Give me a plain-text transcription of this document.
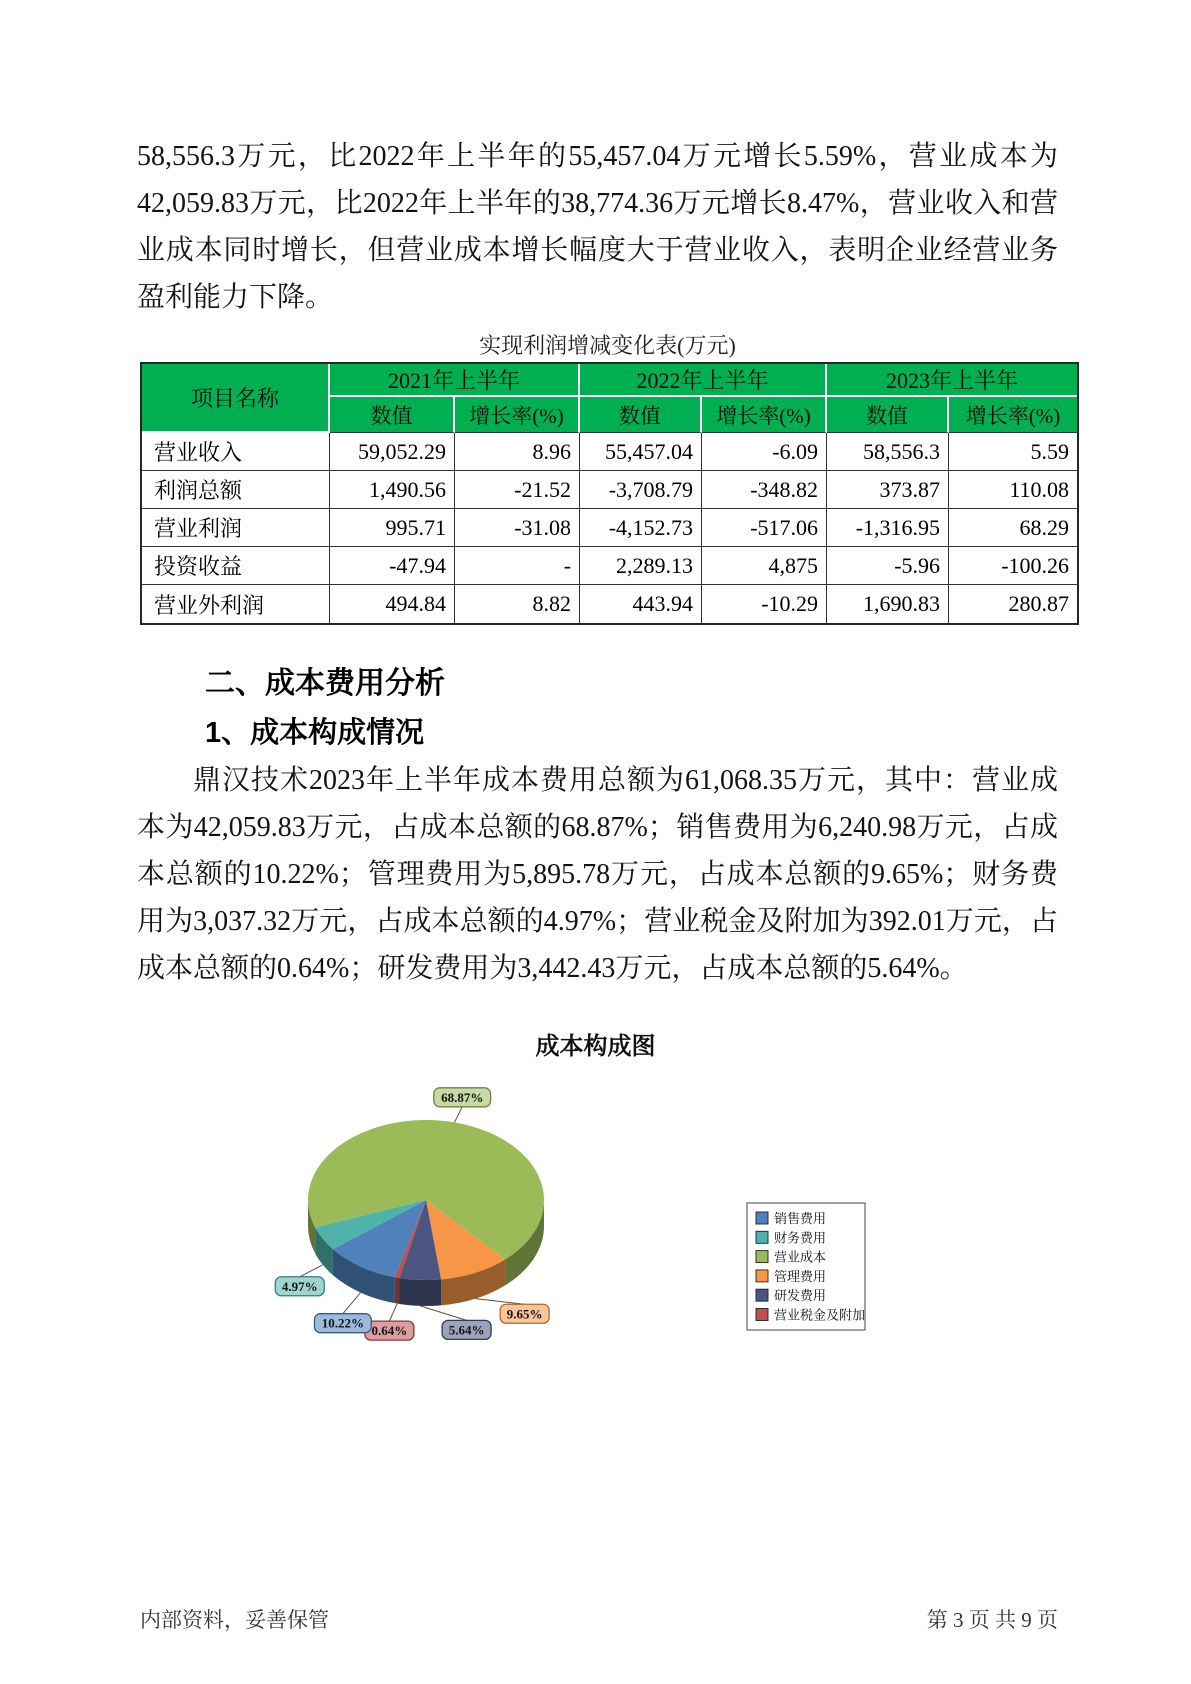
58,556.3万元，比2022年上半年的55,457.04万元增长5.59%，营业成本为42,059.83万元，比2022年上半年的38,774.36万元增长8.47%，营业收入和营业成本同时增长，但营业成本增长幅度大于营业收入，表明企业经营业务盈利能力下降。

实现利润增减变化表(万元)
项目名称	2021年上半年		2022年上半年		2023年上半年	
	数值	增长率(%)	数值	增长率(%)	数值	增长率(%)
营业收入	59,052.29	8.96	55,457.04	-6.09	58,556.3	5.59
利润总额	1,490.56	-21.52	-3,708.79	-348.82	373.87	110.08
营业利润	995.71	-31.08	-4,152.73	-517.06	-1,316.95	68.29
投资收益	-47.94	-	2,289.13	4,875	-5.96	-100.26
营业外利润	494.84	8.82	443.94	-10.29	1,690.83	280.87
二、成本费用分析
1、成本构成情况

鼎汉技术2023年上半年成本费用总额为61,068.35万元，其中：营业成本为42,059.83万元，占成本总额的68.87%；销售费用为6,240.98万元，占成本总额的10.22%；管理费用为5,895.78万元，占成本总额的9.65%；财务费用为3,037.32万元，占成本总额的4.97%；营业税金及附加为392.01万元，占成本总额的0.64%；研发费用为3,442.43万元，占成本总额的5.64%。

成本构成图
68.87%
9.65%
5.64%
0.64%
10.22%
4.97%
销售费用
财务费用
营业成本
管理费用
研发费用
营业税金及附加
内部资料，妥善保管	第 3 页 共 9 页
